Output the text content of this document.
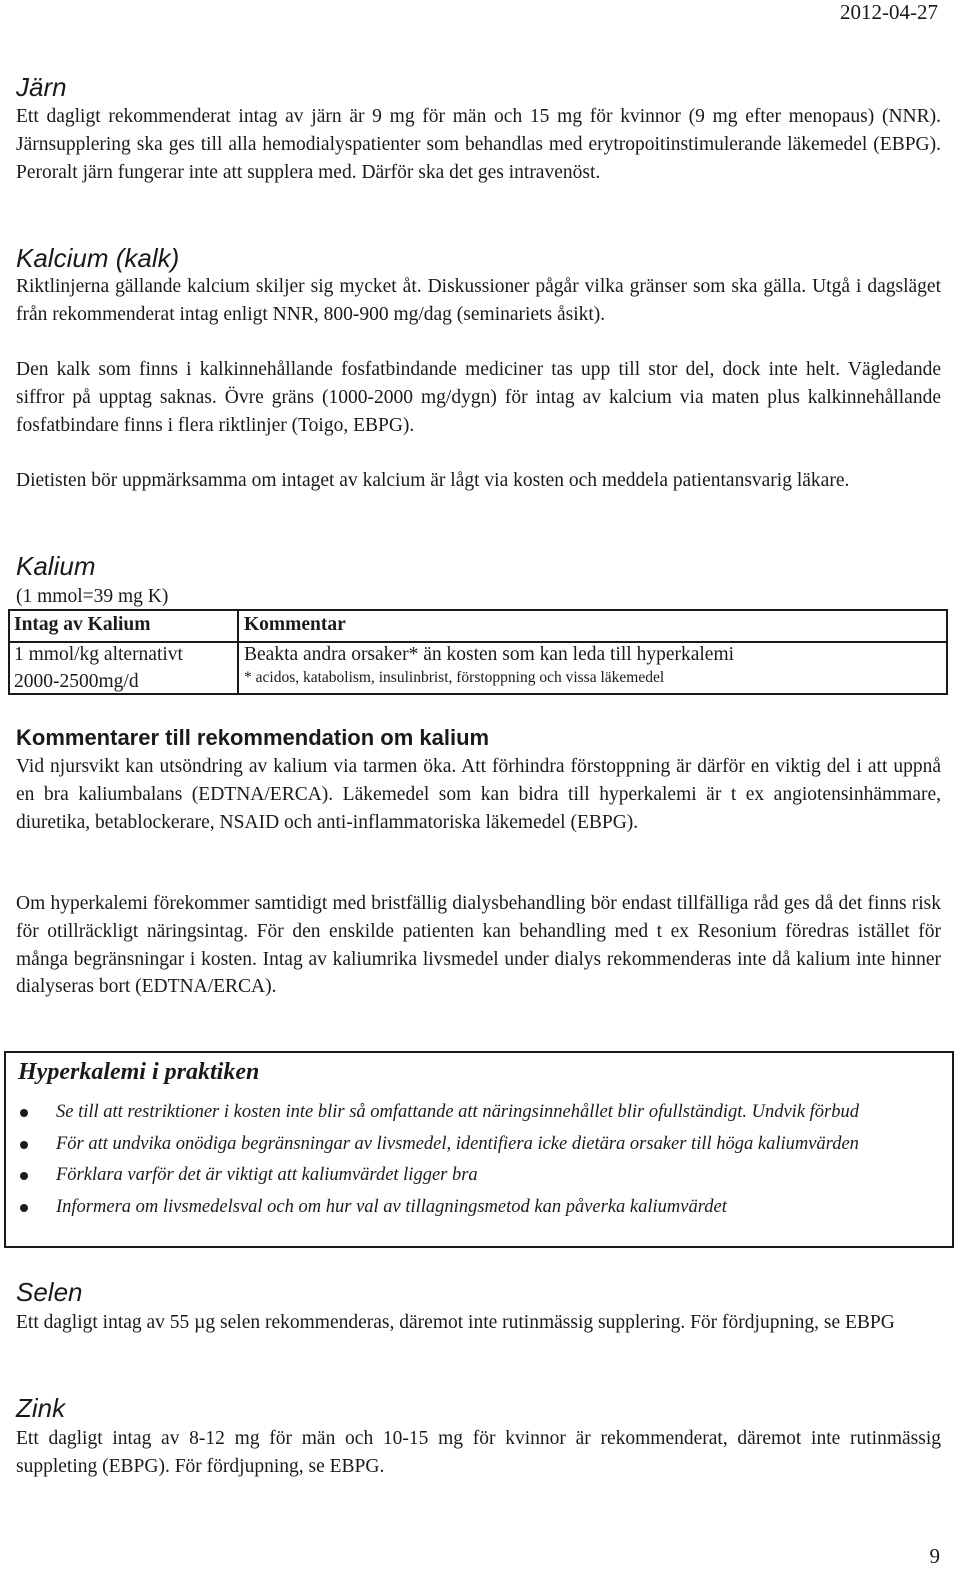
2012-04-27
Järn

Ett dagligt rekommenderat intag av järn är 9 mg för män och 15 mg för kvinnor (9 mg efter menopaus) (NNR). Järnsupplering ska ges till alla hemodialyspatienter som behandlas med erytropoitinstimulerande läkemedel (EBPG). Peroralt järn fungerar inte att supplera med. Därför ska det ges intravenöst.

Kalcium (kalk)

Riktlinjerna gällande kalcium skiljer sig mycket åt. Diskussioner pågår vilka gränser som ska gälla. Utgå i dagsläget från rekommenderat intag enligt NNR, 800-900 mg/dag (seminariets åsikt).

Den kalk som finns i kalkinnehållande fosfatbindande mediciner tas upp till stor del, dock inte helt. Vägledande siffror på upptag saknas. Övre gräns (1000-2000 mg/dygn) för intag av kalcium via maten plus kalkinnehållande fosfatbindare finns i flera riktlinjer (Toigo, EBPG).

Dietisten bör uppmärksamma om intaget av kalcium är lågt via kosten och meddela patientansvarig läkare.

Kalium
(1 mmol=39 mg K)
Intag av Kalium	Kommentar
1 mmol/kg alternativt
2000-2500mg/d
Beakta andra orsaker* än kosten som kan leda till hyperkalemi
* acidos, katabolism, insulinbrist, förstoppning och vissa läkemedel
Kommentarer till rekommendation om kalium

Vid njursvikt kan utsöndring av kalium via tarmen öka. Att förhindra förstoppning är därför en viktig del i att uppnå en bra kaliumbalans (EDTNA/ERCA). Läkemedel som kan bidra till hyperkalemi är t ex angiotensinhämmare, diuretika, betablockerare, NSAID och anti-inflammatoriska läkemedel (EBPG).

Om hyperkalemi förekommer samtidigt med bristfällig dialysbehandling bör endast tillfälliga råd ges då det finns risk för otillräckligt näringsintag. För den enskilde patienten kan behandling med t ex Resonium föredras istället för många begränsningar i kosten. Intag av kaliumrika livsmedel under dialys rekommenderas inte då kalium inte hinner dialyseras bort (EDTNA/ERCA).

Hyperkalemi i praktiken
Se till att restriktioner i kosten inte blir så omfattande att näringsinnehållet blir ofullständigt. Undvik förbud
För att undvika onödiga begränsningar av livsmedel, identifiera icke dietära orsaker till höga kaliumvärden
Förklara varför det är viktigt att kaliumvärdet ligger bra
Informera om livsmedelsval och om hur val av tillagningsmetod kan påverka kaliumvärdet
Selen

Ett dagligt intag av 55 µg selen rekommenderas, däremot inte rutinmässig supplering. För fördjupning, se EBPG

Zink

Ett dagligt intag av 8-12 mg för män och 10-15 mg för kvinnor är rekommenderat, däremot inte rutinmässig suppleting (EBPG). För fördjupning, se EBPG.

9
